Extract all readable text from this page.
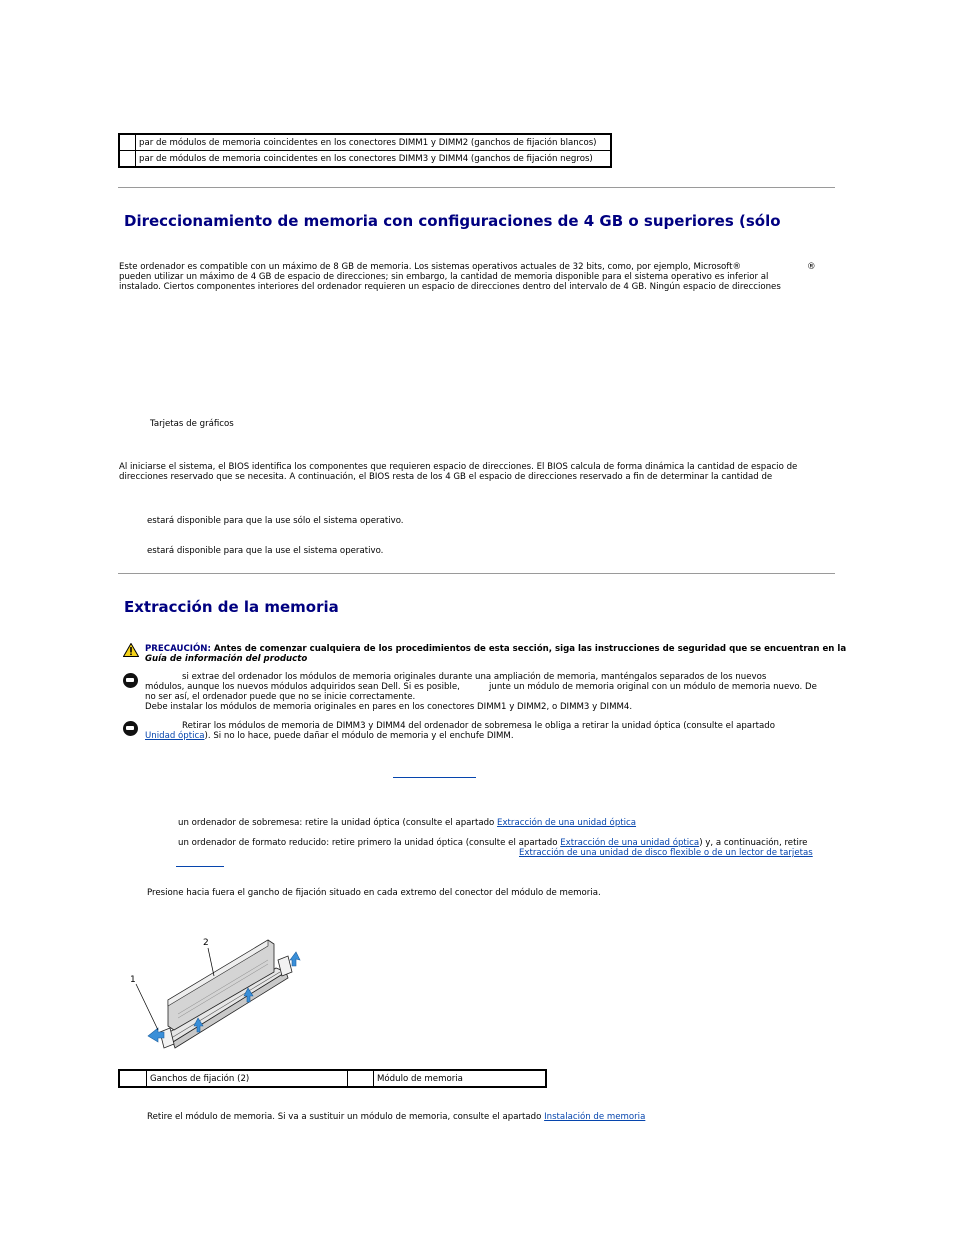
	par de módulos de memoria coincidentes en los conectores DIMM1 y DIMM2 (ganchos de fijación blancos)
	par de módulos de memoria coincidentes en los conectores DIMM3 y DIMM4 (ganchos de fijación negros)
Direccionamiento de memoria con configuraciones de 4 GB o superiores (sólo
Este ordenador es compatible con un máximo de 8 GB de memoria. Los sistemas operativos actuales de 32 bits, como, por ejemplo, Microsoft®	®
pueden utilizar un máximo de 4 GB de espacio de direcciones; sin embargo, la cantidad de memoria disponible para el sistema operativo es inferior al
instalado. Ciertos componentes interiores del ordenador requieren un espacio de direcciones dentro del intervalo de 4 GB. Ningún espacio de direcciones
Tarjetas de gráficos
Al iniciarse el sistema, el BIOS identifica los componentes que requieren espacio de direcciones. El BIOS calcula de forma dinámica la cantidad de espacio de
direcciones reservado que se necesita. A continuación, el BIOS resta de los 4 GB el espacio de direcciones reservado a fin de determinar la cantidad de
estará disponible para que la use sólo el sistema operativo.
estará disponible para que la use el sistema operativo.
Extracción de la memoria
PRECAUCIÓN: Antes de comenzar cualquiera de los procedimientos de esta sección, siga las instrucciones de seguridad que se encuentran en la
Guía de información del producto
si extrae del ordenador los módulos de memoria originales durante una ampliación de memoria, manténgalos separados de los nuevos
módulos, aunque los nuevos módulos adquiridos sean Dell. Si es posible,	junte un módulo de memoria original con un módulo de memoria nuevo. De
no ser así, el ordenador puede que no se inicie correctamente.
Debe instalar los módulos de memoria originales en pares en los conectores DIMM1 y DIMM2, o DIMM3 y DIMM4.
Retirar los módulos de memoria de DIMM3 y DIMM4 del ordenador de sobremesa le obliga a retirar la unidad óptica (consulte el apartado
Unidad óptica). Si no lo hace, puede dañar el módulo de memoria y el enchufe DIMM.
un ordenador de sobremesa: retire la unidad óptica (consulte el apartado Extracción de una unidad óptica
un ordenador de formato reducido: retire primero la unidad óptica (consulte el apartado Extracción de una unidad óptica) y, a continuación, retire
Extracción de una unidad de disco flexible o de un lector de tarjetas
Presione hacia fuera el gancho de fijación situado en cada extremo del conector del módulo de memoria.
1
2
	Ganchos de fijación (2)		Módulo de memoria
Retire el módulo de memoria. Si va a sustituir un módulo de memoria, consulte el apartado Instalación de memoria
